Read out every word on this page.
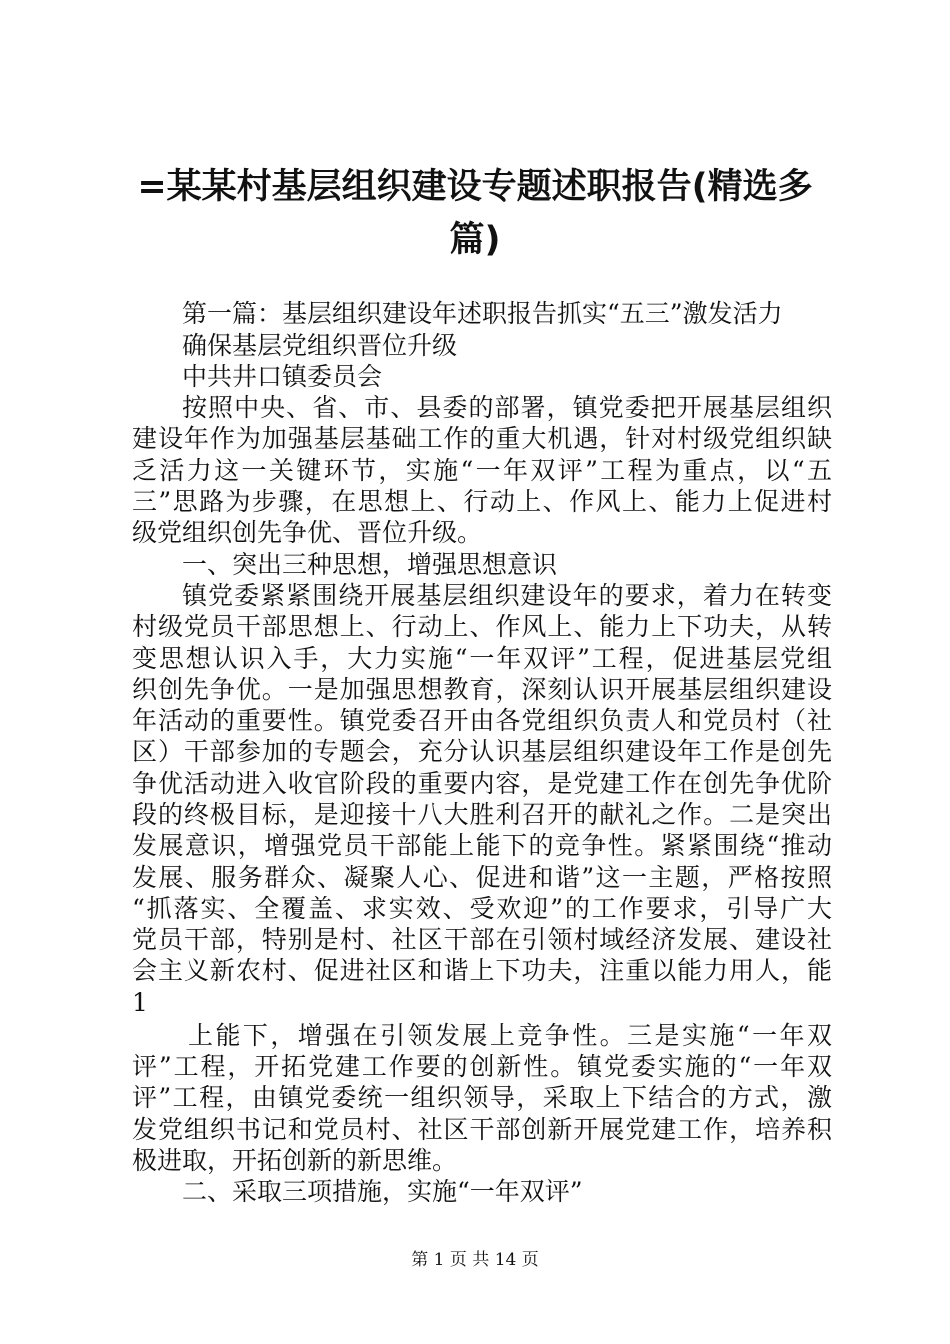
=某某村基层组织建设专题述职报告(精选多
篇)
第一篇：基层组织建设年述职报告抓实“五三”激发活力
确保基层党组织晋位升级
中共井口镇委员会
按照中央、省、市、县委的部署，镇党委把开展基层组织
建设年作为加强基层基础工作的重大机遇，针对村级党组织缺
乏活力这一关键环节，实施“一年双评”工程为重点，以“五
三”思路为步骤，在思想上、行动上、作风上、能力上促进村
级党组织创先争优、晋位升级。
一、突出三种思想，增强思想意识
镇党委紧紧围绕开展基层组织建设年的要求，着力在转变
村级党员干部思想上、行动上、作风上、能力上下功夫，从转
变思想认识入手，大力实施“一年双评”工程，促进基层党组
织创先争优。一是加强思想教育，深刻认识开展基层组织建设
年活动的重要性。镇党委召开由各党组织负责人和党员村（社
区）干部参加的专题会，充分认识基层组织建设年工作是创先
争优活动进入收官阶段的重要内容，是党建工作在创先争优阶
段的终极目标，是迎接十八大胜利召开的献礼之作。二是突出
发展意识，增强党员干部能上能下的竞争性。紧紧围绕“推动
发展、服务群众、凝聚人心、促进和谐”这一主题，严格按照
“抓落实、全覆盖、求实效、受欢迎”的工作要求，引导广大
党员干部，特别是村、社区干部在引领村域经济发展、建设社
会主义新农村、促进社区和谐上下功夫，注重以能力用人，能
1
上能下，增强在引领发展上竞争性。三是实施“一年双
评”工程，开拓党建工作要的创新性。镇党委实施的“一年双
评”工程，由镇党委统一组织领导，采取上下结合的方式，激
发党组织书记和党员村、社区干部创新开展党建工作，培养积
极进取，开拓创新的新思维。
二、采取三项措施，实施“一年双评”
第 1 页 共 14 页
